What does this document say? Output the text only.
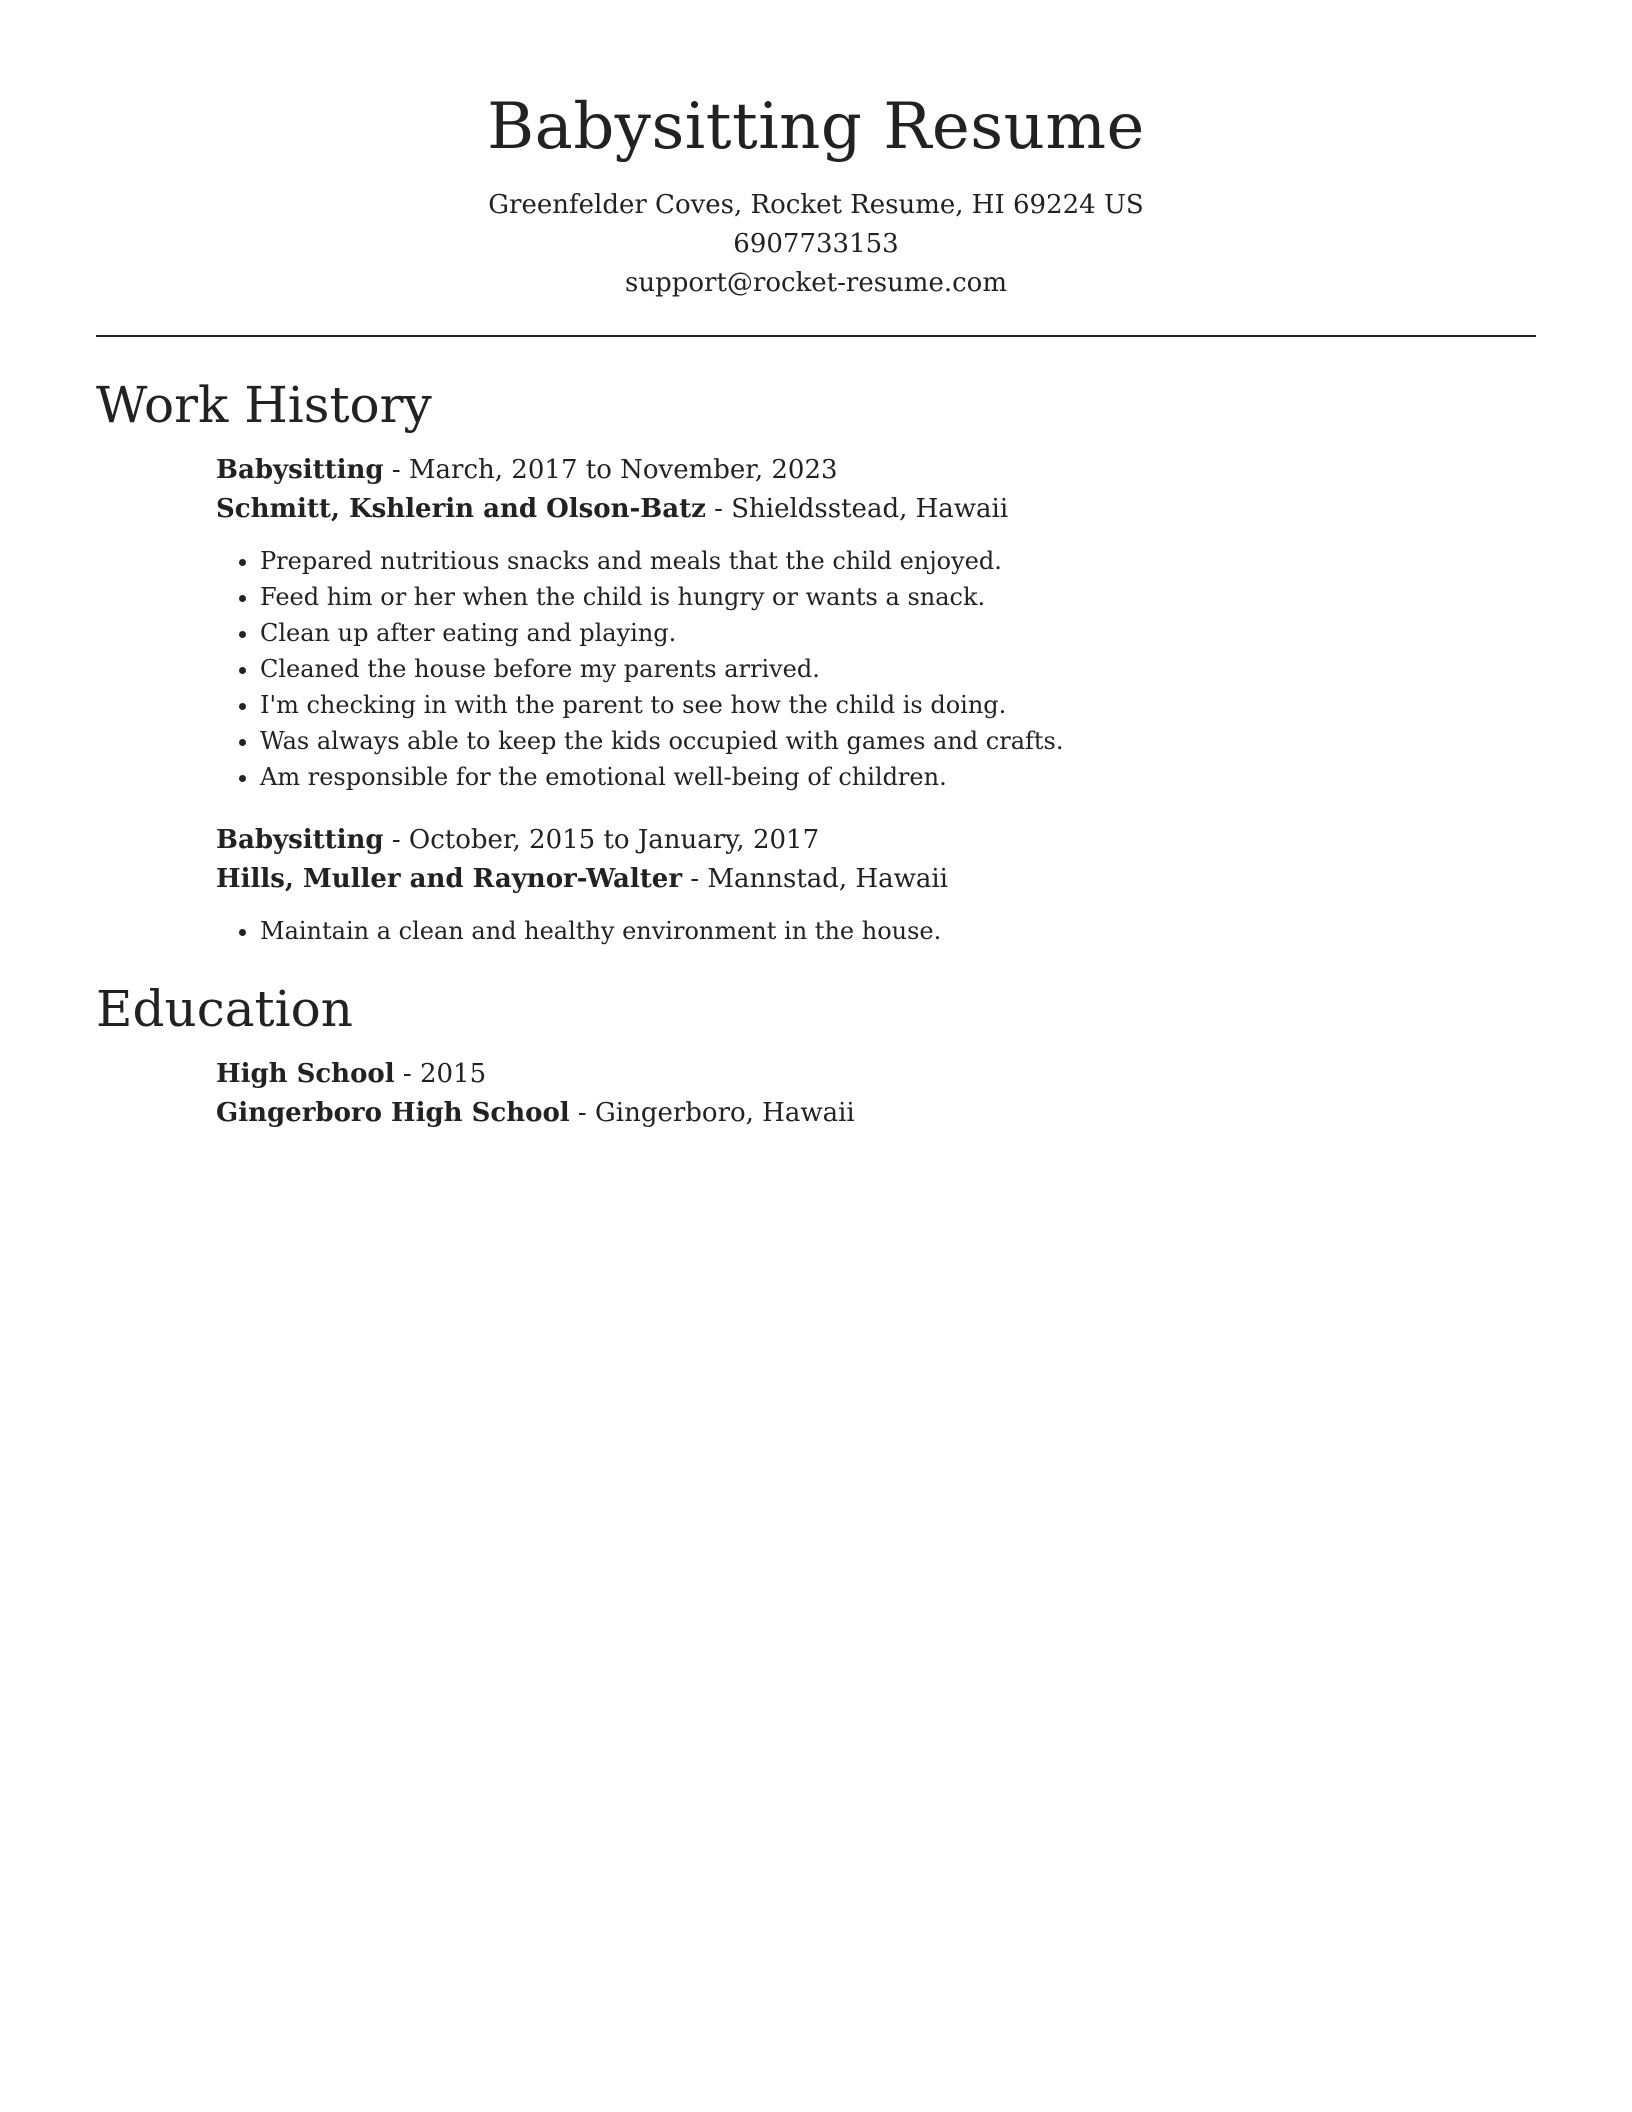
Babysitting Resume
Greenfelder Coves, Rocket Resume, HI 69224 US
6907733153
support@rocket-resume.com
Work History
Babysitting - March, 2017 to November, 2023
Schmitt, Kshlerin and Olson-Batz - Shieldsstead, Hawaii
• Prepared nutritious snacks and meals that the child enjoyed.
• Feed him or her when the child is hungry or wants a snack.
• Clean up after eating and playing.
• Cleaned the house before my parents arrived.
• I'm checking in with the parent to see how the child is doing.
• Was always able to keep the kids occupied with games and crafts.
• Am responsible for the emotional well-being of children.
Babysitting - October, 2015 to January, 2017
Hills, Muller and Raynor-Walter - Mannstad, Hawaii
• Maintain a clean and healthy environment in the house.
Education
High School - 2015
Gingerboro High School - Gingerboro, Hawaii
